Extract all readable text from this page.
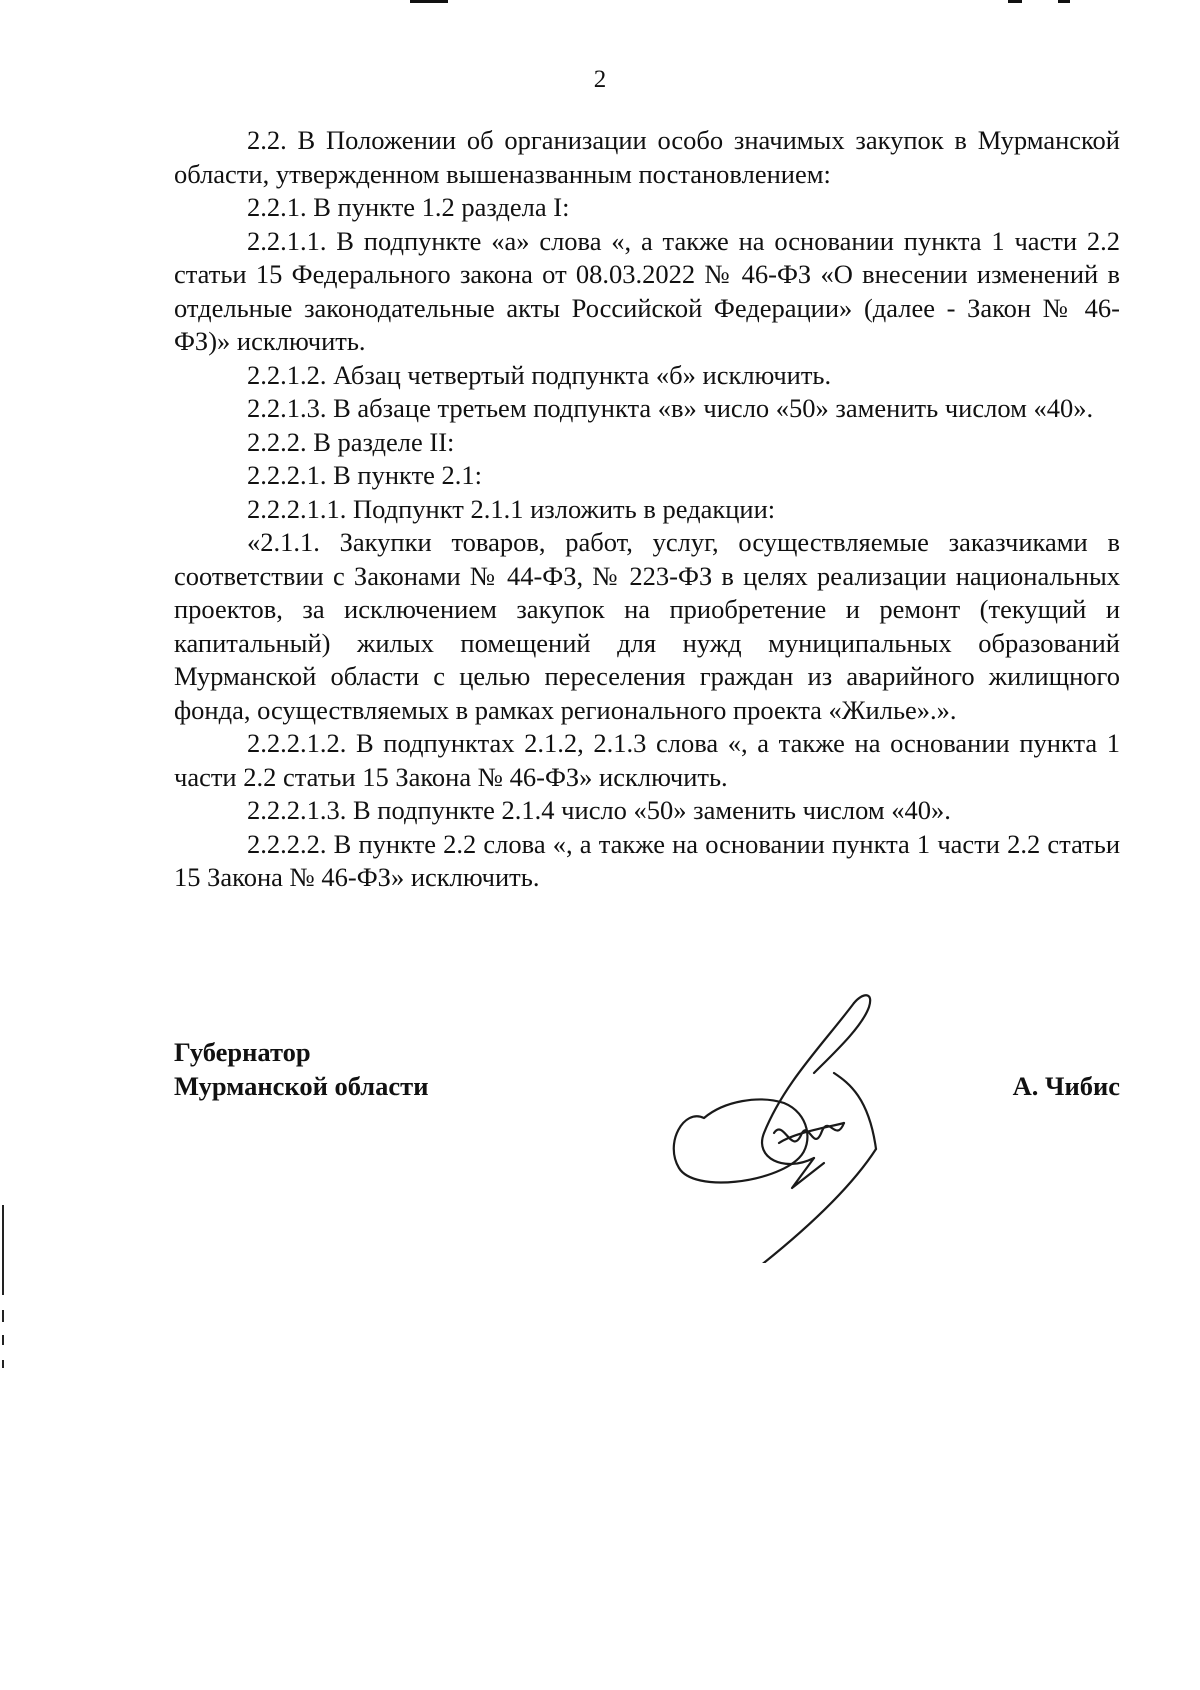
2

2.2. В Положении об организации особо значимых закупок в Мурманской области, утвержденном вышеназванным постановлением:

2.2.1. В пункте 1.2 раздела I:

2.2.1.1. В подпункте «а» слова «, а также на основании пункта 1 части 2.2 статьи 15 Федерального закона от 08.03.2022 № 46-ФЗ «О внесении изменений в отдельные законодательные акты Российской Федерации» (далее - Закон № 46-ФЗ)» исключить.

2.2.1.2. Абзац четвертый подпункта «б» исключить.

2.2.1.3. В абзаце третьем подпункта «в» число «50» заменить числом «40».

2.2.2. В разделе II:

2.2.2.1. В пункте 2.1:

2.2.2.1.1. Подпункт 2.1.1 изложить в редакции:

«2.1.1. Закупки товаров, работ, услуг, осуществляемые заказчиками в соответствии с Законами № 44-ФЗ, № 223-ФЗ в целях реализации национальных проектов, за исключением закупок на приобретение и ремонт (текущий и капитальный) жилых помещений для нужд муниципальных образований Мурманской области с целью переселения граждан из аварийного жилищного фонда, осуществляемых в рамках регионального проекта «Жилье».».

2.2.2.1.2. В подпунктах 2.1.2, 2.1.3 слова «, а также на основании пункта 1 части 2.2 статьи 15 Закона № 46-ФЗ» исключить.

2.2.2.1.3. В подпункте 2.1.4 число «50» заменить числом «40».

2.2.2.2. В пункте 2.2 слова «, а также на основании пункта 1 части 2.2 статьи 15 Закона № 46-ФЗ» исключить.

Губернатор
Мурманской области	А. Чибис
